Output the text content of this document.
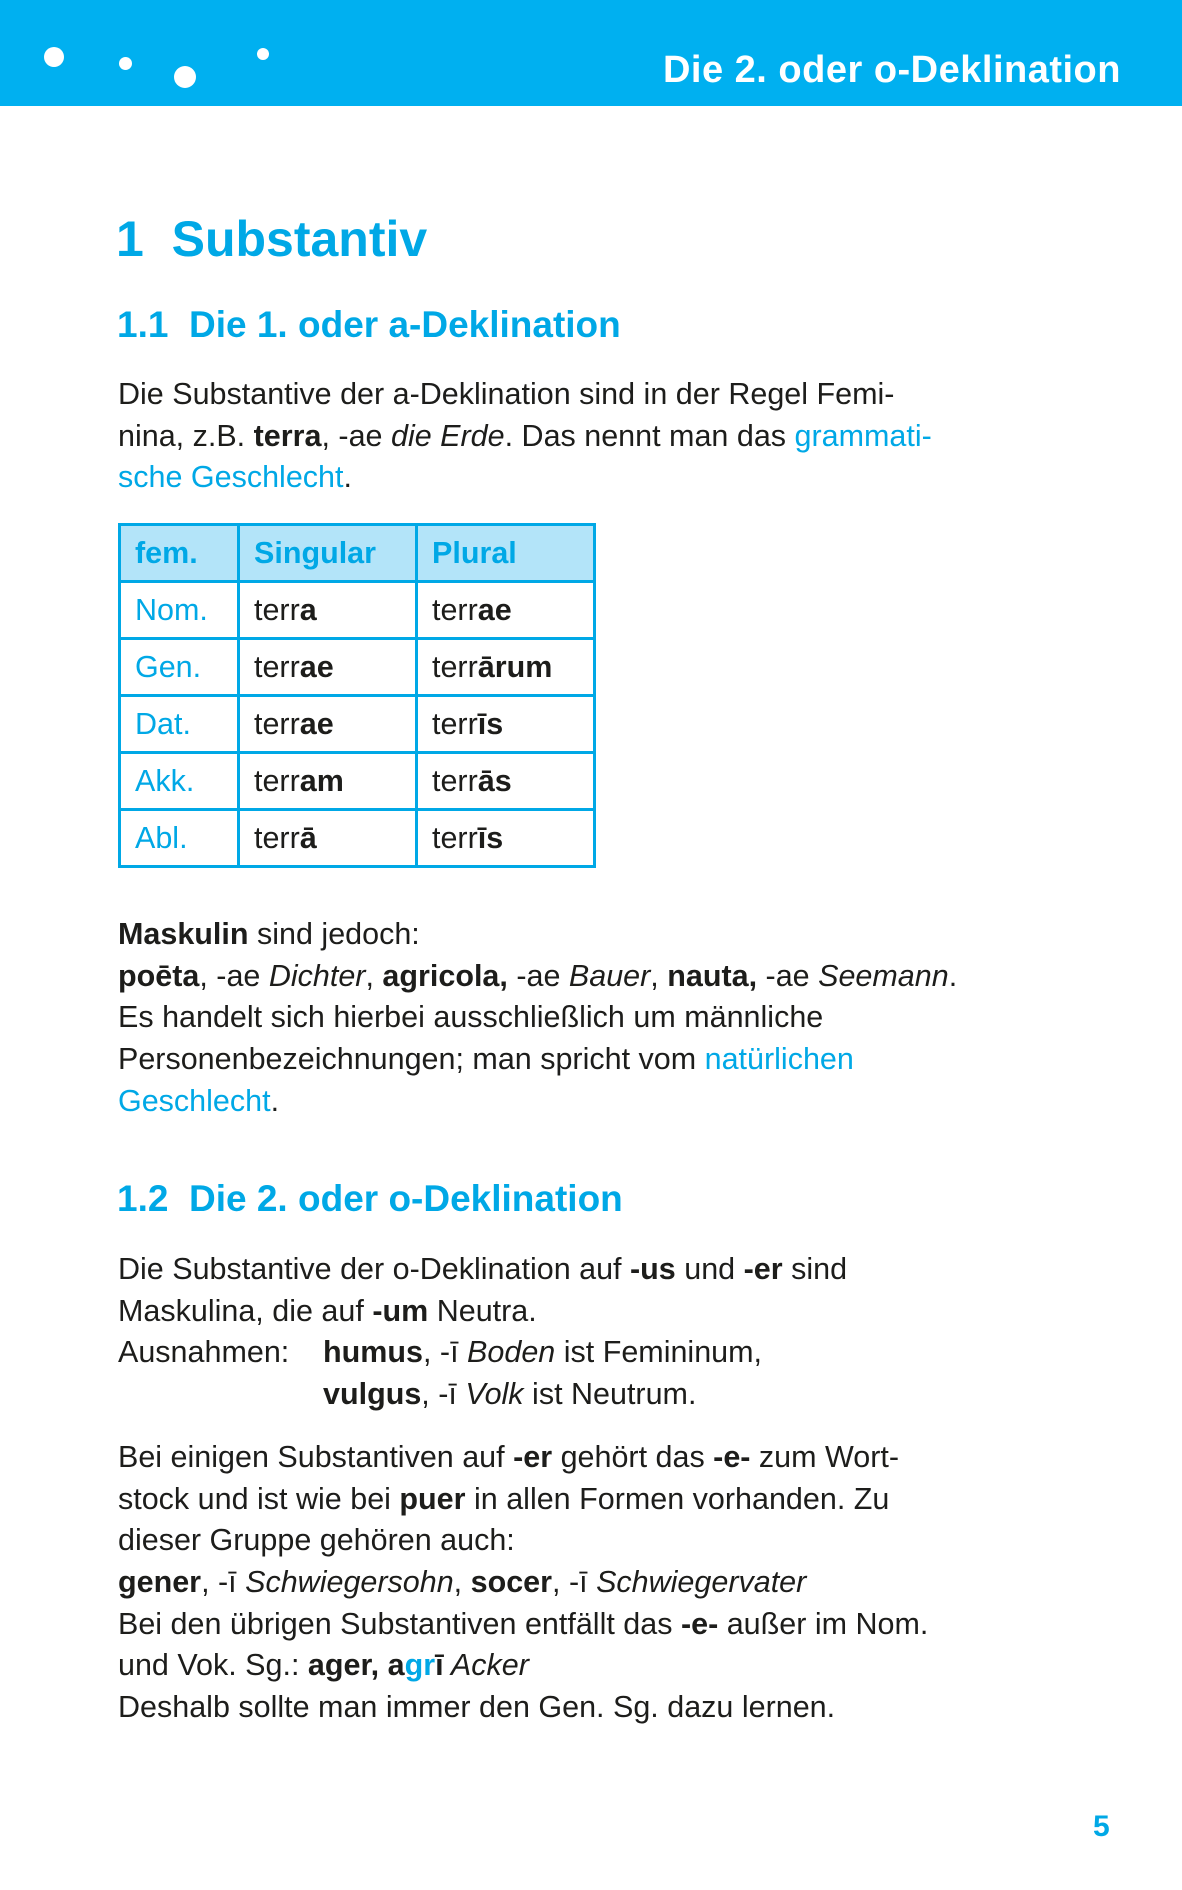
Die 2. oder o-Deklination
1  Substantiv
1.1  Die 1. oder a-Deklination
Die Substantive der a-Deklination sind in der Regel Femi-
nina, z.B. terra, -ae die Erde. Das nennt man das grammati-
sche Geschlecht.
fem.	Singular	Plural
Nom.	terra	terrae
Gen.	terrae	terrārum
Dat.	terrae	terrīs
Akk.	terram	terrās
Abl.	terrā	terrīs
Maskulin sind jedoch:
poēta, -ae Dichter, agricola, -ae Bauer, nauta, -ae Seemann.
Es handelt sich hierbei ausschließlich um männliche
Personenbezeichnungen; man spricht vom natürlichen
Geschlecht.
1.2  Die 2. oder o-Deklination
Die Substantive der o-Deklination auf -us und -er sind
Maskulina, die auf -um Neutra.
Ausnahmen:humus, -ī Boden ist Femininum,
vulgus, -ī Volk ist Neutrum.
Bei einigen Substantiven auf -er gehört das -e- zum Wort-
stock und ist wie bei puer in allen Formen vorhanden. Zu
dieser Gruppe gehören auch:
gener, -ī Schwiegersohn, socer, -ī Schwiegervater
Bei den übrigen Substantiven entfällt das -e- außer im Nom.
und Vok. Sg.: ager, agrī Acker
Deshalb sollte man immer den Gen. Sg. dazu lernen.
5
